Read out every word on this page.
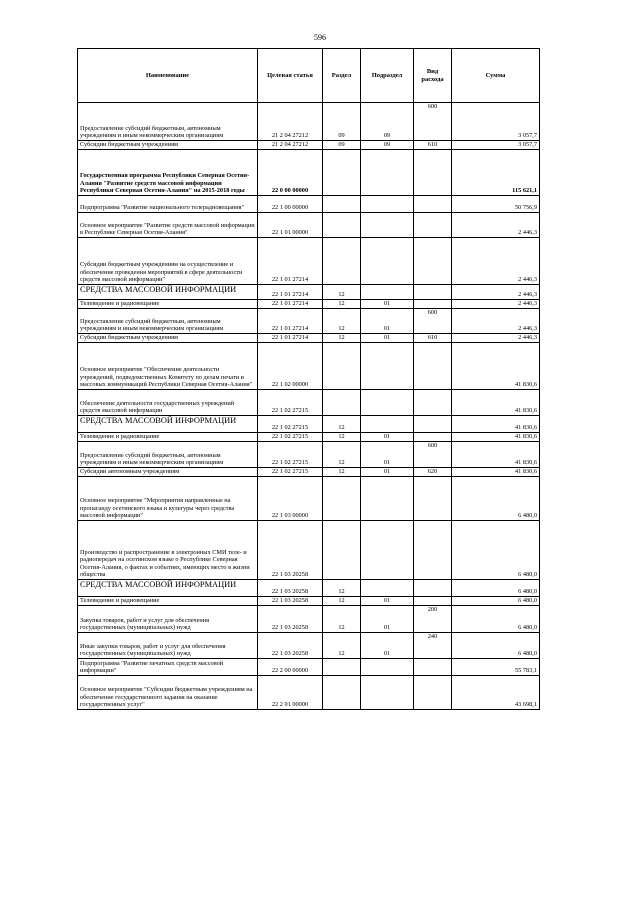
596
Наименование	Целевая статья	Раздел	Подраздел	Вид расхода	Сумма
Предоставление субсидий бюджетным, автономным учреждениям и иным некоммерческим организациям	21 2 04 27212	09	09	600	3 057,7
Субсидии бюджетным учреждениям	21 2 04 27212	09	09	610	3 057,7
Государственная программа Республики Северная Осетия-Алания "Развитие средств массовой информации Республики Северная Осетия-Алания" на 2015-2018 годы	22 0 00 00000				115 621,1
Подпрограмма "Развитие национального телерадиовещания"	22 1 00 00000				50 756,9
Основное мероприятие "Развитие средств массовой информации в Республике Северная Осетия-Алания"	22 1 01 00000				2 446,3
Субсидии бюджетным учреждениям на осуществление и обеспечение проведения мероприятий в сфере деятельности средств массовой информации"	22 1 01 27214				2 446,3
СРЕДСТВА МАССОВОЙ ИНФОРМАЦИИ	22 1 01 27214	12			2 446,3
Телевидение и радиовещание	22 1 01 27214	12	01		2 446,3
Предоставление субсидий бюджетным, автономным учреждениям и иным некоммерческим организациям	22 1 01 27214	12	01	600	2 446,3
Субсидии бюджетным учреждениям	22 1 01 27214	12	01	610	2 446,3
Основное мероприятие "Обеспечение деятельности учреждений, подведомственных Комитету по делам печати и массовых коммуникаций Республики Северная Осетия-Алания"	22 1 02 00000				41 830,6
Обеспечение деятельности государственных учреждений средств массовой информации	22 1 02 27215				41 830,6
СРЕДСТВА МАССОВОЙ ИНФОРМАЦИИ	22 1 02 27215	12			41 830,6
Телевидение и радиовещание	22 1 02 27215	12	01		41 830,6
Предоставление субсидий бюджетным, автономным учреждениям и иным некоммерческим организациям	22 1 02 27215	12	01	600	41 830,6
Субсидии автономным учреждениям	22 1 02 27215	12	01	620	41 830,6
Основное мероприятие "Мероприятия направленные на пропаганду осетинского языка и культуры через средства массовой информации"	22 1 03 00000				6 480,0
Производство и распространение в электронных СМИ теле- и радиопередач на осетинском языке о Республике Северная Осетия-Алания, о фактах и событиях, имеющих место в жизни общества	22 1 03 20258				6 480,0
СРЕДСТВА МАССОВОЙ ИНФОРМАЦИИ	22 1 03 20258	12			6 480,0
Телевидение и радиовещание	22 1 03 20258	12	01		6 480,0
Закупка товаров, работ и услуг для обеспечения государственных (муниципальных) нужд	22 1 03 20258	12	01	200	6 480,0
Иные закупки товаров, работ и услуг для обеспечения государственных (муниципальных) нужд	22 1 03 20258	12	01	240	6 480,0
Подпрограмма "Развитие печатных средств массовой информации"	22 2 00 00000				55 783,1
Основное мероприятие "Субсидии бюджетным учреждениям на обеспечение государственного задания на оказание государственных услуг"	22 2 01 00000				43 698,1
